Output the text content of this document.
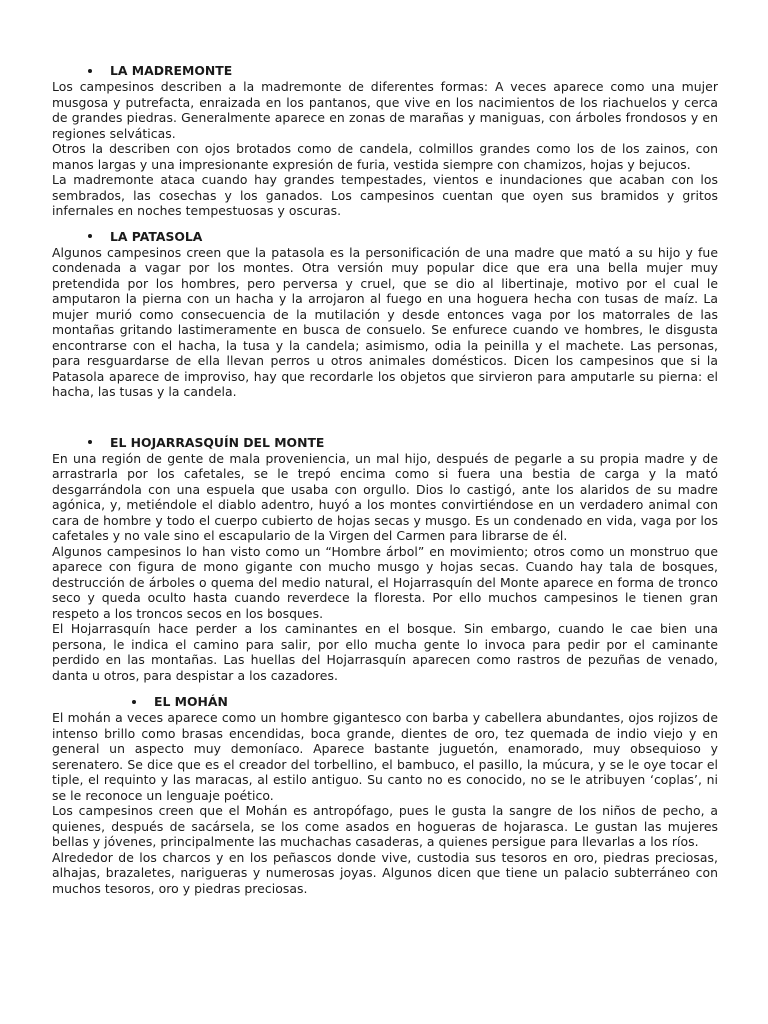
LA MADREMONTE

Los campesinos describen a la madremonte de diferentes formas: A veces aparece como una mujer musgosa y putrefacta, enraizada en los pantanos, que vive en los nacimientos de los riachuelos y cerca de grandes piedras. Generalmente aparece en zonas de marañas y maniguas, con árboles frondosos y en regiones selváticas.

Otros la describen con ojos brotados como de candela, colmillos grandes como los de los zainos, con manos largas y una impresionante expresión de furia, vestida siempre con chamizos, hojas y bejucos.

La madremonte ataca cuando hay grandes tempestades, vientos e inundaciones que acaban con los sembrados, las cosechas y los ganados. Los campesinos cuentan que oyen sus bramidos y gritos infernales en noches tempestuosas y oscuras.

LA PATASOLA

Algunos campesinos creen que la patasola es la personificación de una madre que mató a su hijo y fue condenada a vagar por los montes. Otra versión muy popular dice que era una bella mujer muy pretendida por los hombres, pero perversa y cruel, que se dio al libertinaje, motivo por el cual le amputaron la pierna con un hacha y la arrojaron al fuego en una hoguera hecha con tusas de maíz. La mujer murió como consecuencia de la mutilación y desde entonces vaga por los matorrales de las montañas gritando lastimeramente en busca de consuelo. Se enfurece cuando ve hombres, le disgusta encontrarse con el hacha, la tusa y la candela; asimismo, odia la peinilla y el machete. Las personas, para resguardarse de ella llevan perros u otros animales domésticos. Dicen los campesinos que si la Patasola aparece de improviso, hay que recordarle los objetos que sirvieron para amputarle su pierna: el hacha, las tusas y la candela.

EL HOJARRASQUÍN DEL MONTE

En una región de gente de mala proveniencia, un mal hijo, después de pegarle a su propia madre y de arrastrarla por los cafetales, se le trepó encima como si fuera una bestia de carga y la mató desgarrándola con una espuela que usaba con orgullo. Dios lo castigó, ante los alaridos de su madre agónica, y, metiéndole el diablo adentro, huyó a los montes convirtiéndose en un verdadero animal con cara de hombre y todo el cuerpo cubierto de hojas secas y musgo. Es un condenado en vida, vaga por los cafetales y no vale sino el escapulario de la Virgen del Carmen para librarse de él.

Algunos campesinos lo han visto como un “Hombre árbol” en movimiento; otros como un monstruo que aparece con figura de mono gigante con mucho musgo y hojas secas. Cuando hay tala de bosques, destrucción de árboles o quema del medio natural, el Hojarrasquín del Monte aparece en forma de tronco seco y queda oculto hasta cuando reverdece la floresta. Por ello muchos campesinos le tienen gran respeto a los troncos secos en los bosques.

El Hojarrasquín hace perder a los caminantes en el bosque. Sin embargo, cuando le cae bien una persona, le indica el camino para salir, por ello mucha gente lo invoca para pedir por el caminante perdido en las montañas. Las huellas del Hojarrasquín aparecen como rastros de pezuñas de venado, danta u otros, para despistar a los cazadores.

EL MOHÁN

El mohán a veces aparece como un hombre gigantesco con barba y cabellera abundantes, ojos rojizos de intenso brillo como brasas encendidas, boca grande, dientes de oro, tez quemada de indio viejo y en general un aspecto muy demoníaco. Aparece bastante juguetón, enamorado, muy obsequioso y serenatero. Se dice que es el creador del torbellino, el bambuco, el pasillo, la múcura, y se le oye tocar el tiple, el requinto y las maracas, al estilo antiguo. Su canto no es conocido, no se le atribuyen ‘coplas’, ni se le reconoce un lenguaje poético.

Los campesinos creen que el Mohán es antropófago, pues le gusta la sangre de los niños de pecho, a quienes, después de sacársela, se los come asados en hogueras de hojarasca. Le gustan las mujeres bellas y jóvenes, principalmente las muchachas casaderas, a quienes persigue para llevarlas a los ríos.

Alrededor de los charcos y en los peñascos donde vive, custodia sus tesoros en oro, piedras preciosas, alhajas, brazaletes, narigueras y numerosas joyas. Algunos dicen que tiene un palacio subterráneo con muchos tesoros, oro y piedras preciosas.
